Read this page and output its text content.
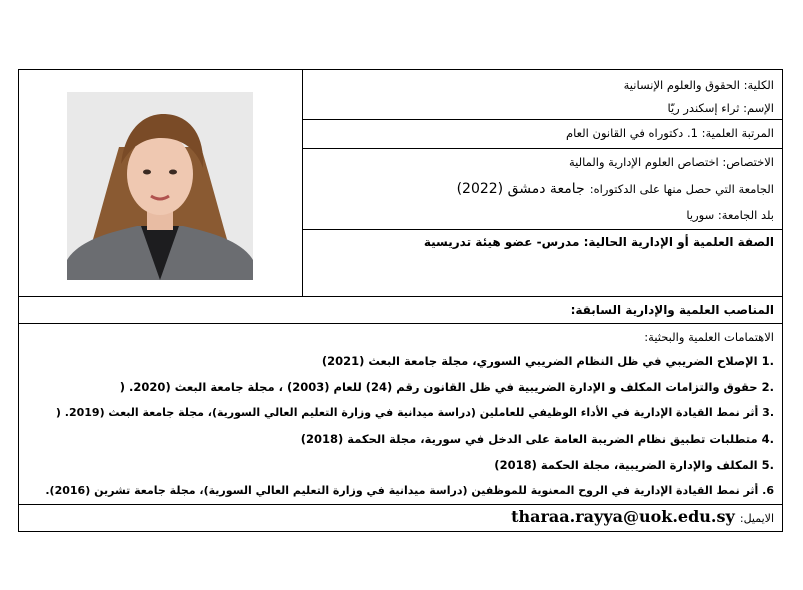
الكلية: الحقوق والعلوم الإنسانية
الإسم: ثراء إسكندر ريّا
المرتبة العلمية: 1. دكتوراه في القانون العام
الاختصاص: اختصاص العلوم الإدارية والمالية
الجامعة التي حصل منها على الدكتوراه: جامعة دمشق (2022)
بلد الجامعة: سوريا
الصفة العلمية أو الإدارية الحالية: مدرس- عضو هيئة تدريسية
المناصب العلمية والإدارية السابقة:
الاهتمامات العلمية والبحثية:
.1 الإصلاح الضريبي في ظل النظام الضريبي السوري، مجلة جامعة البعث (2021)
.2 حقوق والتزامات المكلف و الإدارة الضريبية في ظل القانون رقم (24) للعام (2003) ، مجلة جامعة البعث (2020. (
.3 أثر نمط القيادة الإدارية في الأداء الوظيفي للعاملين (دراسة ميدانية في وزارة التعليم العالي السورية)، مجلة جامعة البعث (2019. (
.4 متطلبات تطبيق نظام الضريبة العامة على الدخل في سورية، مجلة الحكمة (2018)
.5 المكلف والإدارة الضريبية، مجلة الحكمة (2018)
6. أثر نمط القيادة الإدارية في الروح المعنوية للموظفين (دراسة ميدانية في وزارة التعليم العالي السورية)، مجلة جامعة تشرين (2016).
الايميل: tharaa.rayya@uok.edu.sy
